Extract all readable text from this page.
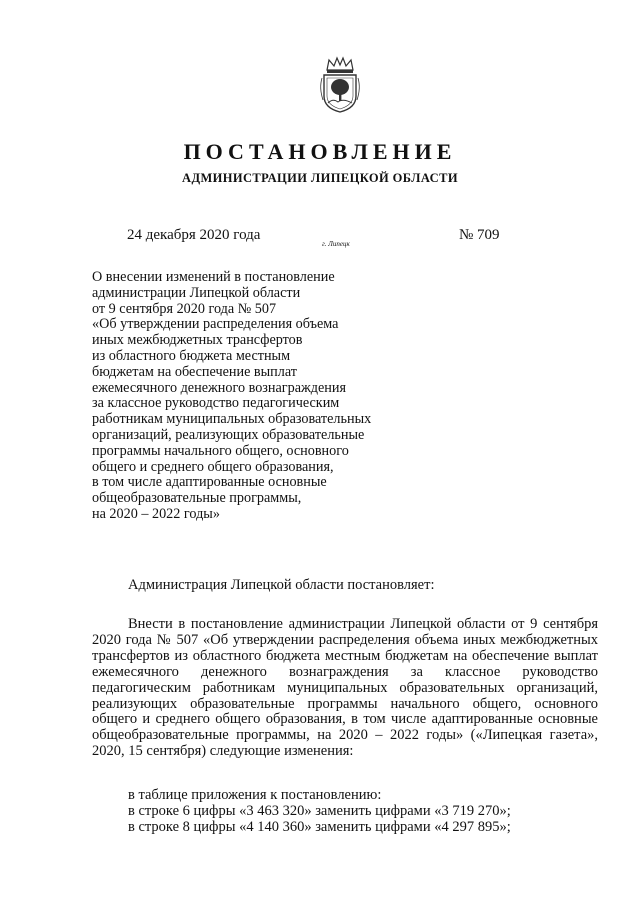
ПОСТАНОВЛЕНИЕ
АДМИНИСТРАЦИИ ЛИПЕЦКОЙ ОБЛАСТИ
24 декабря 2020 года
г. Липецк
№ 709
О внесении изменений в постановление
администрации Липецкой области
от 9 сентября 2020 года № 507
«Об утверждении распределения объема
иных межбюджетных трансфертов
из областного бюджета местным
бюджетам на обеспечение выплат
ежемесячного денежного вознаграждения
за классное руководство педагогическим
работникам муниципальных образовательных
организаций, реализующих образовательные
программы начального общего, основного
общего и среднего общего образования,
в том числе адаптированные основные
общеобразовательные программы,
на 2020 – 2022 годы»
Администрация Липецкой области постановляет:
Внести в постановление администрации Липецкой области от 9 сентября 2020 года № 507 «Об утверждении распределения объема иных межбюджетных трансфертов из областного бюджета местным бюджетам на обеспечение выплат ежемесячного денежного вознаграждения за классное руководство педагогическим работникам муниципальных образовательных организаций, реализующих образовательные программы начального общего, основного общего и среднего общего образования, в том числе адаптированные основные общеобразовательные программы, на 2020 – 2022 годы» («Липецкая газета», 2020, 15 сентября) следующие изменения:
в таблице приложения к постановлению:
в строке 6 цифры «3 463 320» заменить цифрами «3 719 270»;
в строке 8 цифры «4 140 360» заменить цифрами «4 297 895»;
